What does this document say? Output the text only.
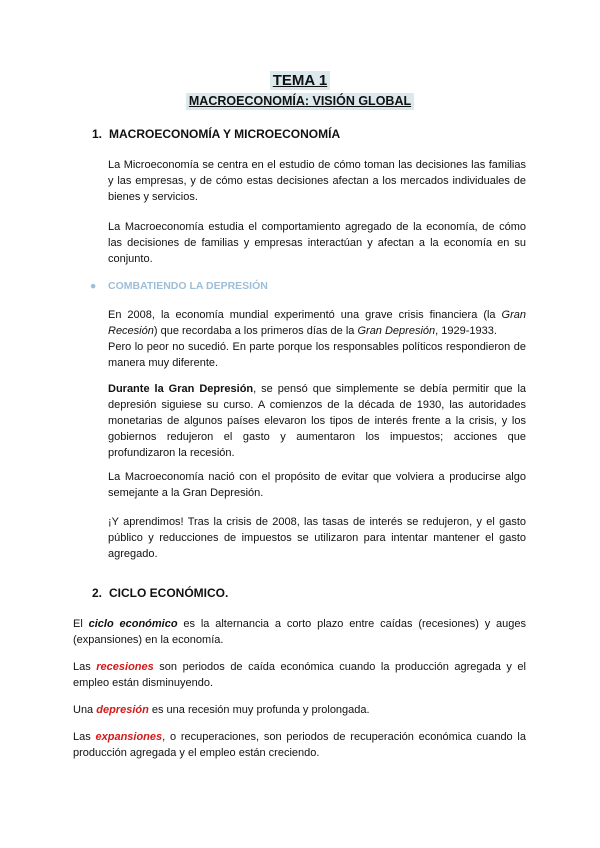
TEMA 1
MACROECONOMÍA: VISIÓN GLOBAL
1. MACROECONOMÍA Y MICROECONOMÍA
La Microeconomía se centra en el estudio de cómo toman las decisiones las familias y las empresas, y de cómo estas decisiones afectan a los mercados individuales de bienes y servicios.
La Macroeconomía estudia el comportamiento agregado de la economía, de cómo las decisiones de familias y empresas interactúan y afectan a la economía en su conjunto.
● COMBATIENDO LA DEPRESIÓN
En 2008, la economía mundial experimentó una grave crisis financiera (la Gran Recesión) que recordaba a los primeros días de la Gran Depresión, 1929-1933.
Pero lo peor no sucedió. En parte porque los responsables políticos respondieron de manera muy diferente.
Durante la Gran Depresión, se pensó que simplemente se debía permitir que la depresión siguiese su curso. A comienzos de la década de 1930, las autoridades monetarias de algunos países elevaron los tipos de interés frente a la crisis, y los gobiernos redujeron el gasto y aumentaron los impuestos; acciones que profundizaron la recesión.
La Macroeconomía nació con el propósito de evitar que volviera a producirse algo semejante a la Gran Depresión.
¡Y aprendimos! Tras la crisis de 2008, las tasas de interés se redujeron, y el gasto público y reducciones de impuestos se utilizaron para intentar mantener el gasto agregado.
2. CICLO ECONÓMICO.
El ciclo económico es la alternancia a corto plazo entre caídas (recesiones) y auges (expansiones) en la economía.
Las recesiones son periodos de caída económica cuando la producción agregada y el empleo están disminuyendo.
Una depresión es una recesión muy profunda y prolongada.
Las expansiones, o recuperaciones, son periodos de recuperación económica cuando la producción agregada y el empleo están creciendo.
